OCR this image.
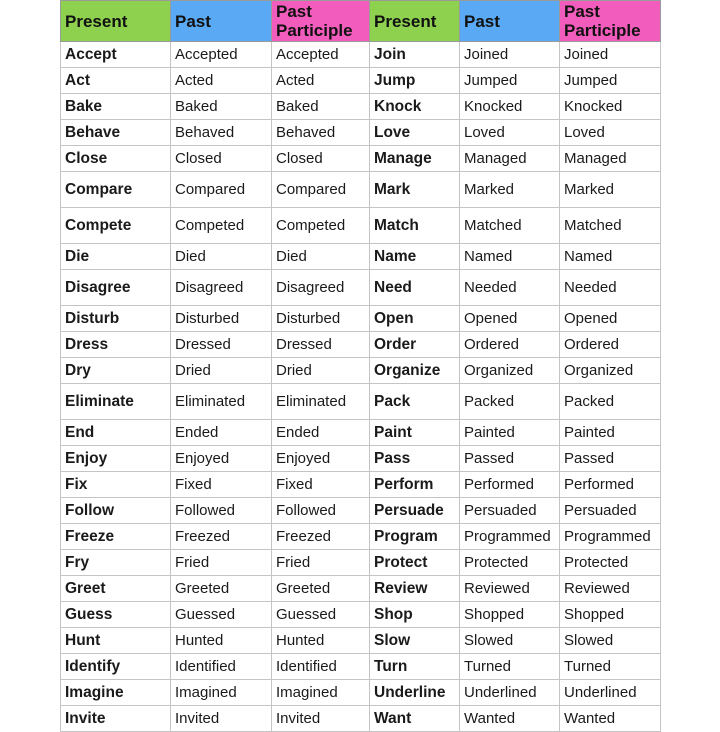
Present	Past	Past Participle	Present	Past	Past Participle
Accept	Accepted	Accepted	Join	Joined	Joined
Act	Acted	Acted	Jump	Jumped	Jumped
Bake	Baked	Baked	Knock	Knocked	Knocked
Behave	Behaved	Behaved	Love	Loved	Loved
Close	Closed	Closed	Manage	Managed	Managed
Compare	Compared	Compared	Mark	Marked	Marked
Compete	Competed	Competed	Match	Matched	Matched
Die	Died	Died	Name	Named	Named
Disagree	Disagreed	Disagreed	Need	Needed	Needed
Disturb	Disturbed	Disturbed	Open	Opened	Opened
Dress	Dressed	Dressed	Order	Ordered	Ordered
Dry	Dried	Dried	Organize	Organized	Organized
Eliminate	Eliminated	Eliminated	Pack	Packed	Packed
End	Ended	Ended	Paint	Painted	Painted
Enjoy	Enjoyed	Enjoyed	Pass	Passed	Passed
Fix	Fixed	Fixed	Perform	Performed	Performed
Follow	Followed	Followed	Persuade	Persuaded	Persuaded
Freeze	Freezed	Freezed	Program	Programmed	Programmed
Fry	Fried	Fried	Protect	Protected	Protected
Greet	Greeted	Greeted	Review	Reviewed	Reviewed
Guess	Guessed	Guessed	Shop	Shopped	Shopped
Hunt	Hunted	Hunted	Slow	Slowed	Slowed
Identify	Identified	Identified	Turn	Turned	Turned
Imagine	Imagined	Imagined	Underline	Underlined	Underlined
Invite	Invited	Invited	Want	Wanted	Wanted
